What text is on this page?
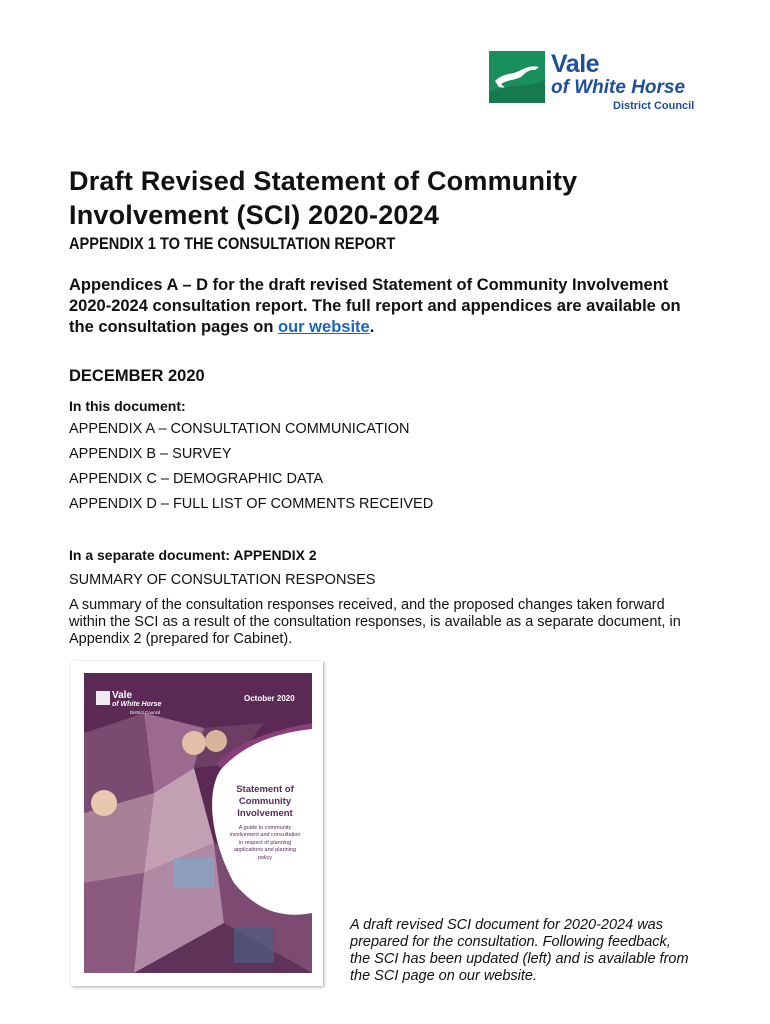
Vale
of White Horse
District Council
Draft Revised Statement of Community Involvement (SCI) 2020-2024
APPENDIX 1 TO THE CONSULTATION REPORT
Appendices A – D for the draft revised Statement of Community Involvement 2020-2024 consultation report. The full report and appendices are available on the consultation pages on our website.
DECEMBER 2020
In this document:
APPENDIX A – CONSULTATION COMMUNICATION
APPENDIX B – SURVEY
APPENDIX C – DEMOGRAPHIC DATA
APPENDIX D – FULL LIST OF COMMENTS RECEIVED
In a separate document: APPENDIX 2
SUMMARY OF CONSULTATION RESPONSES
A summary of the consultation responses received, and the proposed changes taken forward within the SCI as a result of the consultation responses, is available as a separate document, in Appendix 2 (prepared for Cabinet).
Vale
of White Horse
District Council
October 2020
Statement of Community Involvement
A guide to community involvement and consultation in respect of planning applications and planning policy
A draft revised SCI document for 2020-2024 was prepared for the consultation. Following feedback, the SCI has been updated (left) and is available from the SCI page on our website.
